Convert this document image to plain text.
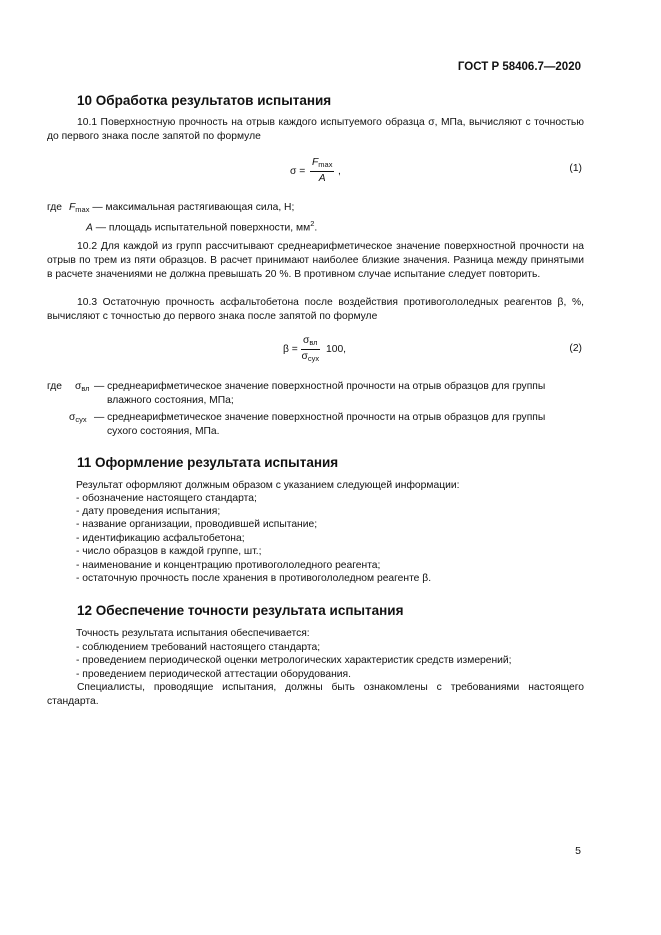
ГОСТ Р 58406.7—2020
10 Обработка результатов испытания

10.1 Поверхностную прочность на отрыв каждого испытуемого образца σ, МПа, вычисляют с точностью до первого знака после запятой по формуле

σ =
$F_{max}$
A
,	(1)
где $F_{max}$ — максимальная растягивающая сила, Н;
A — площадь испытательной поверхности, $мм^2$.

10.2 Для каждой из групп рассчитывают среднеарифметическое значение поверхностной прочности на отрыв по трем из пяти образцов. В расчет принимают наиболее близкие значения. Разница между принятыми в расчете значениями не должна превышать 20 %. В противном случае испытание следует повторить.

10.3 Остаточную прочность асфальтобетона после воздействия противогололедных реагентов β, %, вычисляют с точностью до первого знака после запятой по формуле

β =
$\sigma_{вл}$
$\sigma_{сух}$
100,	(2)
где $\sigma_{вл}$ — среднеарифметическое значение поверхностной прочности на отрыв образцов для группы
влажного состояния, МПа;
$\sigma_{сух}$ — среднеарифметическое значение поверхностной прочности на отрыв образцов для группы
сухого состояния, МПа.
11 Оформление результата испытания
Результат оформляют должным образом с указанием следующей информации:
- обозначение настоящего стандарта;
- дату проведения испытания;
- название организации, проводившей испытание;
- идентификацию асфальтобетона;
- число образцов в каждой группе, шт.;
- наименование и концентрацию противогололедного реагента;
- остаточную прочность после хранения в противогололедном реагенте β.
12 Обеспечение точности результата испытания
Точность результата испытания обеспечивается:
- соблюдением требований настоящего стандарта;
- проведением периодической оценки метрологических характеристик средств измерений;
- проведением периодической аттестации оборудования.

Специалисты, проводящие испытания, должны быть ознакомлены с требованиями настоящего стандарта.

5
